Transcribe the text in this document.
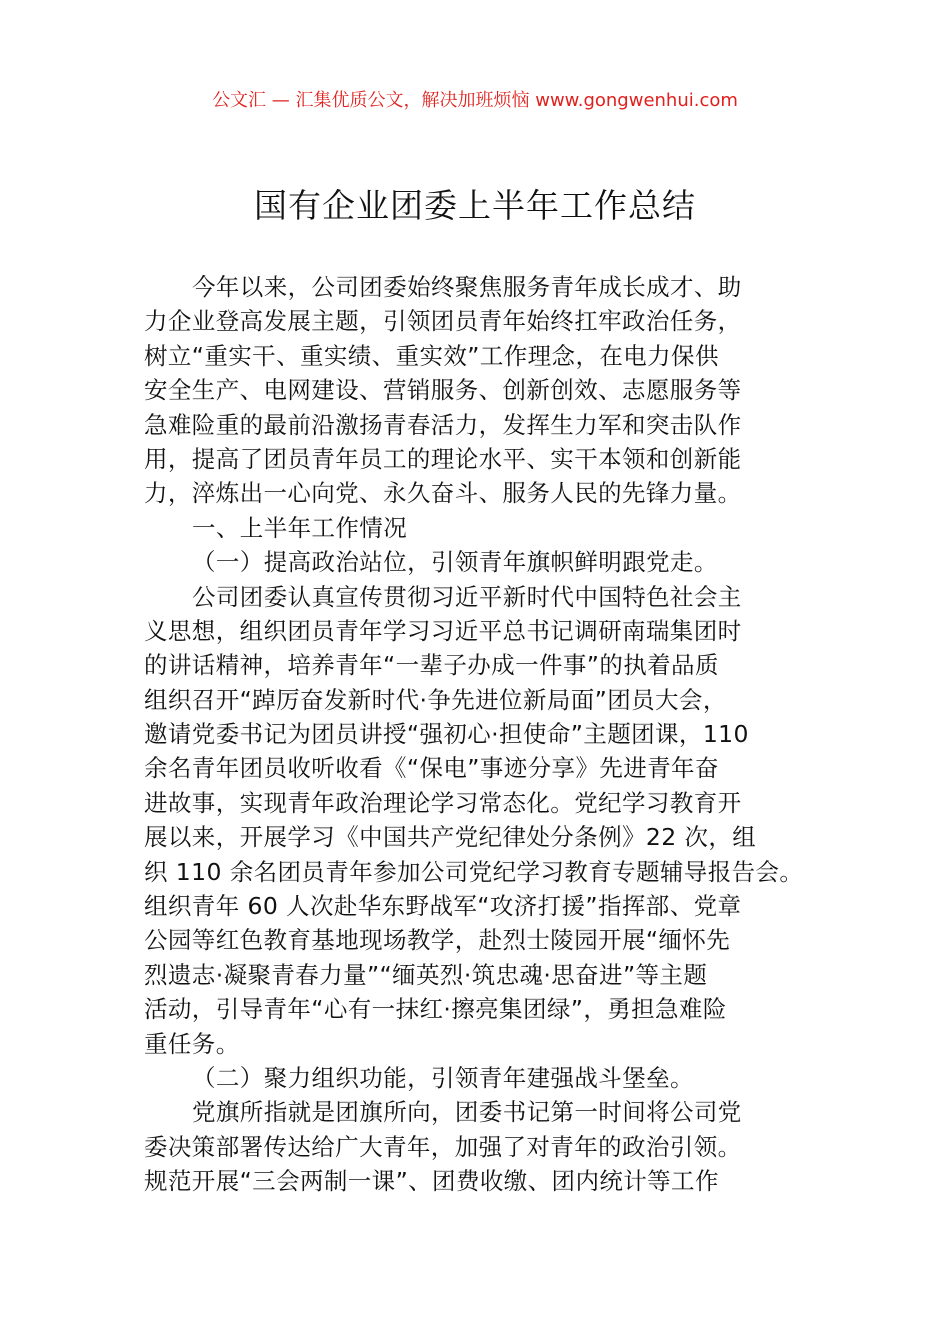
公文汇 — 汇集优质公文，解决加班烦恼 www.gongwenhui.com
国有企业团委上半年工作总结
今年以来，公司团委始终聚焦服务青年成长成才、助
力企业登高发展主题，引领团员青年始终扛牢政治任务，
树立“重实干、重实绩、重实效”工作理念，在电力保供
安全生产、电网建设、营销服务、创新创效、志愿服务等
急难险重的最前沿激扬青春活力，发挥生力军和突击队作
用，提高了团员青年员工的理论水平、实干本领和创新能
力，淬炼出一心向党、永久奋斗、服务人民的先锋力量。
一、上半年工作情况
（一）提高政治站位，引领青年旗帜鲜明跟党走。
公司团委认真宣传贯彻习近平新时代中国特色社会主
义思想，组织团员青年学习习近平总书记调研南瑞集团时
的讲话精神，培养青年“一辈子办成一件事”的执着品质
组织召开“踔厉奋发新时代·争先进位新局面”团员大会，
邀请党委书记为团员讲授“强初心·担使命”主题团课，110
余名青年团员收听收看《“保电”事迹分享》先进青年奋
进故事，实现青年政治理论学习常态化。党纪学习教育开
展以来，开展学习《中国共产党纪律处分条例》22 次，组
织 110 余名团员青年参加公司党纪学习教育专题辅导报告会。
组织青年 60 人次赴华东野战军“攻济打援”指挥部、党章
公园等红色教育基地现场教学，赴烈士陵园开展“缅怀先
烈遗志·凝聚青春力量”“缅英烈·筑忠魂·思奋进”等主题
活动，引导青年“心有一抹红·擦亮集团绿”，勇担急难险
重任务。
（二）聚力组织功能，引领青年建强战斗堡垒。
党旗所指就是团旗所向，团委书记第一时间将公司党
委决策部署传达给广大青年，加强了对青年的政治引领。
规范开展“三会两制一课”、团费收缴、团内统计等工作
